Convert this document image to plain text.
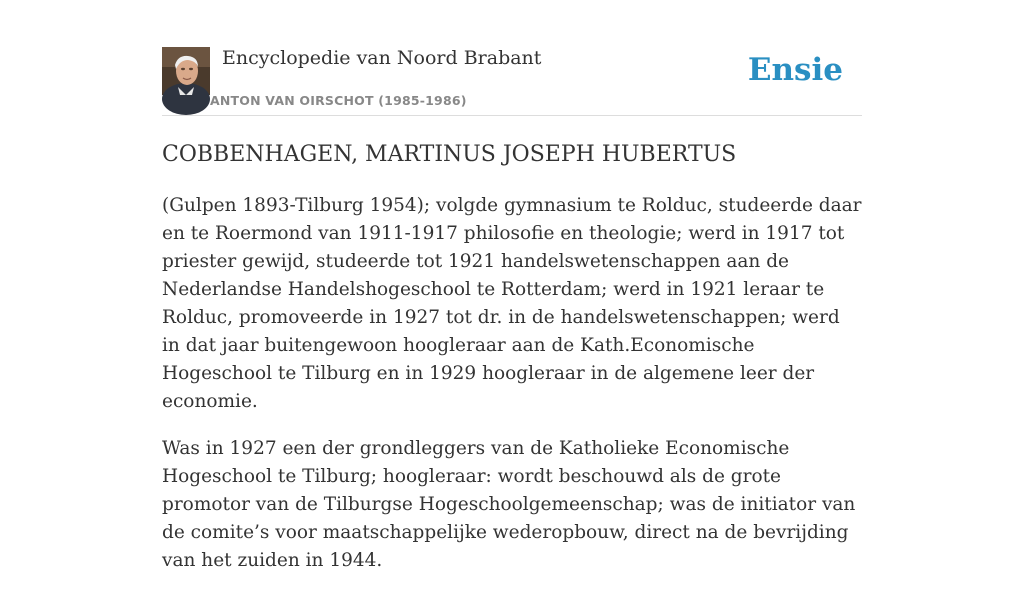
Encyclopedie van Noord Brabant
ANTON VAN OIRSCHOT (1985-1986)
Ensie
COBBENHAGEN, MARTINUS JOSEPH HUBERTUS

(Gulpen 1893-Tilburg 1954); volgde gymnasium te Rolduc, studeerde daar en te Roermond van 1911-1917 philosofie en theologie; werd in 1917 tot priester gewijd, studeerde tot 1921 handelswetenschappen aan de Nederlandse Handelshogeschool te Rotterdam; werd in 1921 leraar te Rolduc, promoveerde in 1927 tot dr. in de handelswetenschappen; werd in dat jaar buitengewoon hoogleraar aan de Kath.Economische Hogeschool te Tilburg en in 1929 hoogleraar in de algemene leer der economie.

Was in 1927 een der grondleggers van de Katholieke Economische Hogeschool te Tilburg; hoogleraar: wordt beschouwd als de grote promotor van de Tilburgse Hogeschoolgemeenschap; was de initiator van de comite’s voor maatschappelijke wederopbouw, direct na de bevrijding van het zuiden in 1944.
